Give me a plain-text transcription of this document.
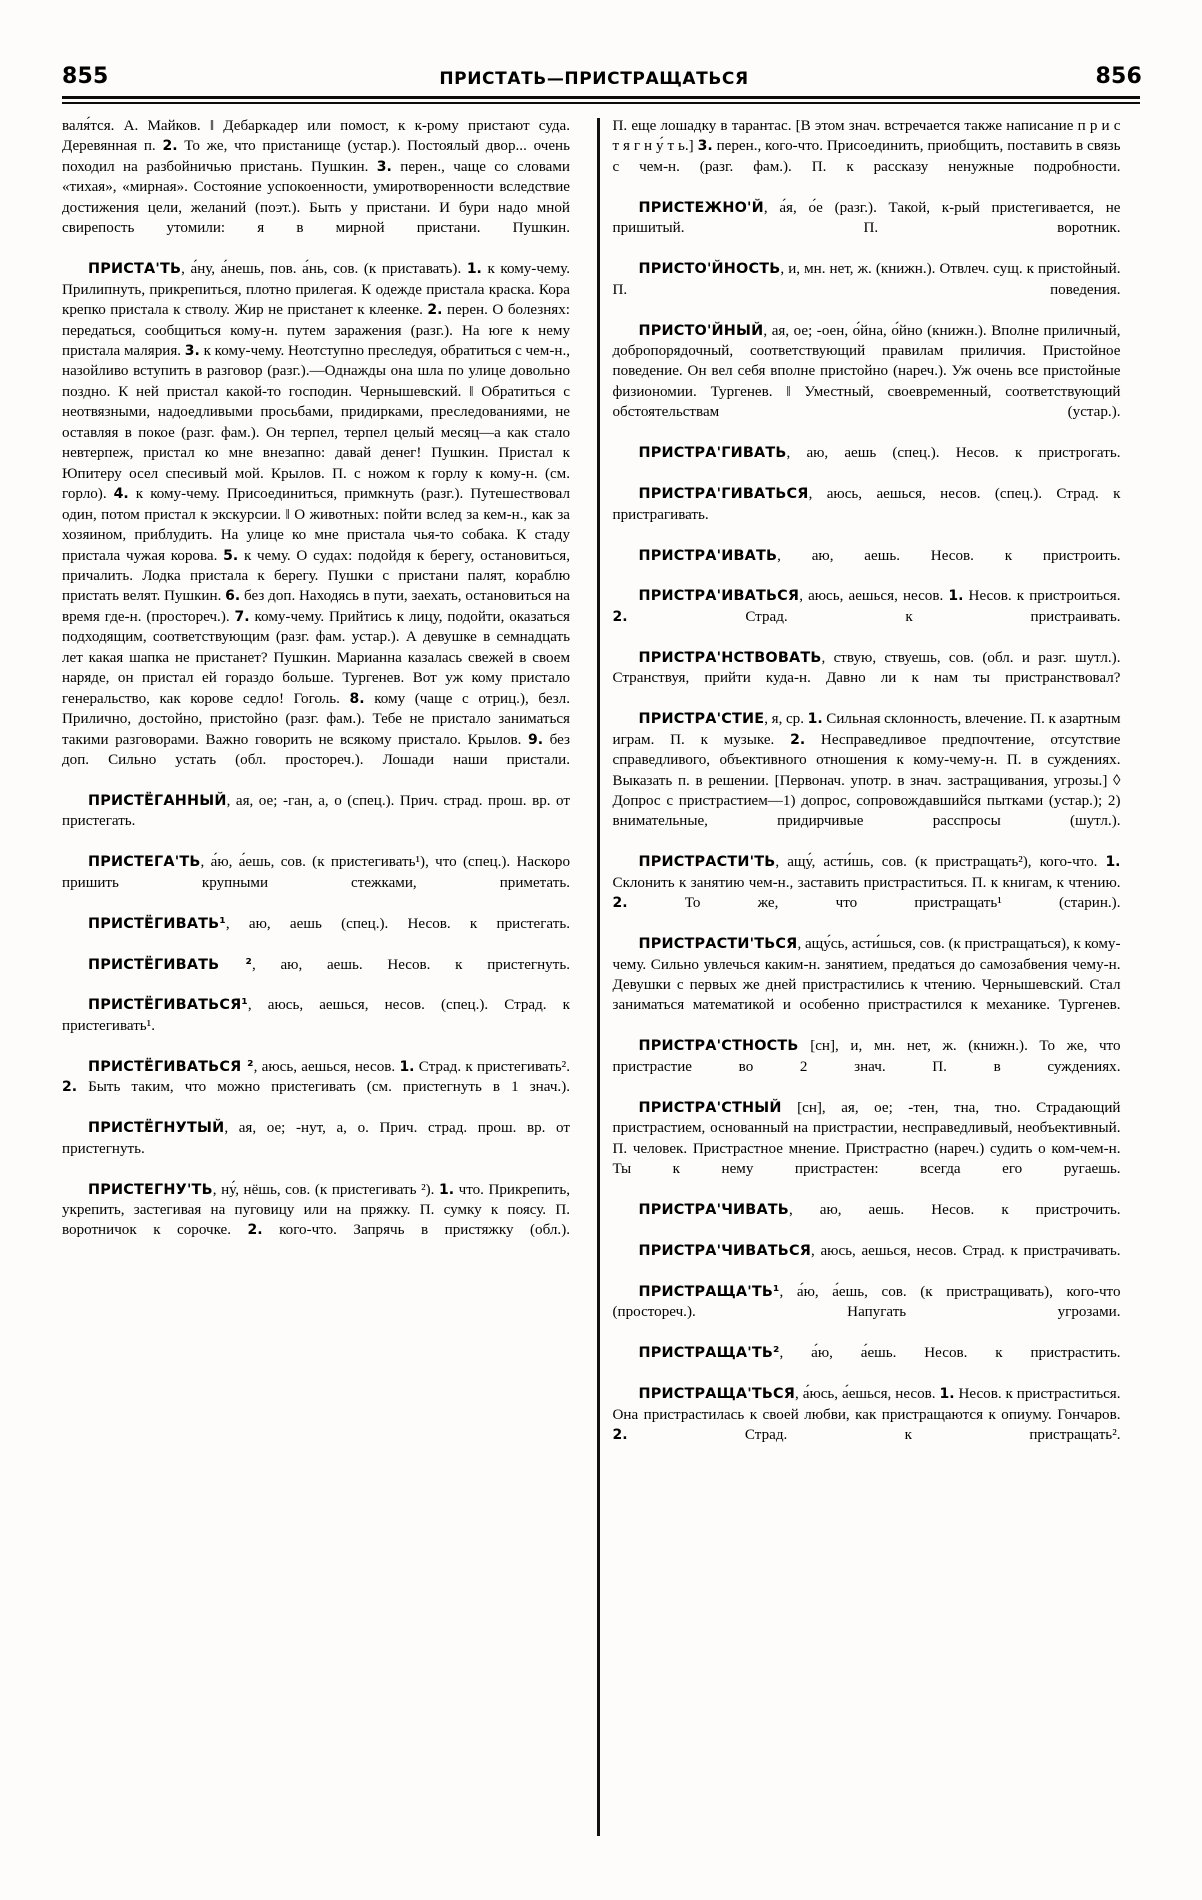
855	ПРИСТАТЬ—ПРИСТРАЩАТЬСЯ	856

валя́тся. А. Майков. ‖ Дебаркадер или помост, к к-рому пристают суда. Деревянная п. 2. То же, что пристанище (устар.). Постоялый двор... очень походил на разбойничью пристань. Пушкин. 3. перен., чаще со словами «тихая», «мирная». Состояние успокоенности, умиротворенности вследствие достижения цели, желаний (поэт.). Быть у пристани. И бури надо мной свирепость утомили: я в мирной пристани. Пушкин.

ПРИСТА'ТЬ, а́ну, а́нешь, пов. а́нь, сов. (к приставать). 1. к кому-чему. Прилипнуть, прикрепиться, плотно прилегая. К одежде пристала краска. Кора крепко пристала к стволу. Жир не пристанет к клеенке. 2. перен. О болезнях: передаться, сообщиться кому-н. путем заражения (разг.). На юге к нему пристала малярия. 3. к кому-чему. Неотступно преследуя, обратиться с чем-н., назойливо вступить в разговор (разг.).—Однажды она шла по улице довольно поздно. К ней пристал какой-то господин. Чернышевский. ‖ Обратиться с неотвязными, надоедливыми просьбами, придирками, преследованиями, не оставляя в покое (разг. фам.). Он терпел, терпел целый месяц—а как стало невтерпеж, пристал ко мне внезапно: давай денег! Пушкин. Пристал к Юпитеру осел спесивый мой. Крылов. П. с ножом к горлу к кому-н. (см. горло). 4. к кому-чему. Присоединиться, примкнуть (разг.). Путешествовал один, потом пристал к экскурсии. ‖ О животных: пойти вслед за кем-н., как за хозяином, приблудить. На улице ко мне пристала чья-то собака. К стаду пристала чужая корова. 5. к чему. О судах: подойдя к берегу, остановиться, причалить. Лодка пристала к берегу. Пушки с пристани палят, кораблю пристать велят. Пушкин. 6. без доп. Находясь в пути, заехать, остановиться на время где-н. (простореч.). 7. кому-чему. Прийтись к лицу, подойти, оказаться подходящим, соответствующим (разг. фам. устар.). А девушке в семнадцать лет какая шапка не пристанет? Пушкин. Марианна казалась свежей в своем наряде, он пристал ей гораздо больше. Тургенев. Вот уж кому пристало генеральство, как корове седло! Гоголь. 8. кому (чаще с отриц.), безл. Прилично, достойно, пристойно (разг. фам.). Тебе не пристало заниматься такими разговорами. Важно говорить не всякому пристало. Крылов. 9. без доп. Сильно устать (обл. простореч.). Лошади наши пристали.

ПРИСТЁГАННЫЙ, ая, ое; -ган, а, о (спец.). Прич. страд. прош. вр. от пристегать.

ПРИСТЕГА'ТЬ, а́ю, а́ешь, сов. (к пристегивать¹), что (спец.). Наскоро пришить крупными стежками, приметать.

ПРИСТЁГИВАТЬ¹, аю, аешь (спец.). Несов. к пристегать.

ПРИСТЁГИВАТЬ ², аю, аешь. Несов. к пристегнуть.

ПРИСТЁГИВАТЬСЯ¹, аюсь, аешься, несов. (спец.). Страд. к пристегивать¹.

ПРИСТЁГИВАТЬСЯ ², аюсь, аешься, несов. 1. Страд. к пристегивать². 2. Быть таким, что можно пристегивать (см. пристегнуть в 1 знач.).

ПРИСТЁГНУТЫЙ, ая, ое; -нут, а, о. Прич. страд. прош. вр. от пристегнуть.

ПРИСТЕГНУ'ТЬ, ну́, нёшь, сов. (к пристегивать ²). 1. что. Прикрепить, укрепить, застегивая на пуговицу или на пряжку. П. сумку к поясу. П. воротничок к сорочке. 2. кого-что. Запрячь в пристяжку (обл.).

П. еще лошадку в тарантас. [В этом знач. встречается также написание п р и с т я г н у́ т ь.] 3. перен., кого-что. Присоединить, приобщить, поставить в связь с чем-н. (разг. фам.). П. к рассказу ненужные подробности.

ПРИСТЕЖНО'Й, а́я, о́е (разг.). Такой, к-рый пристегивается, не пришитый. П. воротник.

ПРИСТО'ЙНОСТЬ, и, мн. нет, ж. (книжн.). Отвлеч. сущ. к пристойный. П. поведения.

ПРИСТО'ЙНЫЙ, ая, ое; -оен, о́йна, о́йно (книжн.). Вполне приличный, добропорядочный, соответствующий правилам приличия. Пристойное поведение. Он вел себя вполне пристойно (нареч.). Уж очень все пристойные физиономии. Тургенев. ‖ Уместный, своевременный, соответствующий обстоятельствам (устар.).

ПРИСТРА'ГИВАТЬ, аю, аешь (спец.). Несов. к пристрогать.

ПРИСТРА'ГИВАТЬСЯ, аюсь, аешься, несов. (спец.). Страд. к пристрагивать.

ПРИСТРА'ИВАТЬ, аю, аешь. Несов. к пристроить.

ПРИСТРА'ИВАТЬСЯ, аюсь, аешься, несов. 1. Несов. к пристроиться. 2. Страд. к пристраивать.

ПРИСТРА'НСТВОВАТЬ, ствую, ствуешь, сов. (обл. и разг. шутл.). Странствуя, прийти куда-н. Давно ли к нам ты пристранствовал?

ПРИСТРА'СТИЕ, я, ср. 1. Сильная склонность, влечение. П. к азартным играм. П. к музыке. 2. Несправедливое предпочтение, отсутствие справедливого, объективного отношения к кому-чему-н. П. в суждениях. Выказать п. в решении. [Первонач. употр. в знач. застращивания, угрозы.] ◊ Допрос с пристрастием—1) допрос, сопровождавшийся пытками (устар.); 2) внимательные, придирчивые расспросы (шутл.).

ПРИСТРАСТИ'ТЬ, ащу́, асти́шь, сов. (к пристращать²), кого-что. 1. Склонить к занятию чем-н., заставить пристраститься. П. к книгам, к чтению. 2. То же, что пристращать¹ (старин.).

ПРИСТРАСТИ'ТЬСЯ, ащу́сь, асти́шься, сов. (к пристращаться), к кому-чему. Сильно увлечься каким-н. занятием, предаться до самозабвения чему-н. Девушки с первых же дней пристрастились к чтению. Чернышевский. Стал заниматься математикой и особенно пристрастился к механике. Тургенев.

ПРИСТРА'СТНОСТЬ [сн], и, мн. нет, ж. (книжн.). То же, что пристрастие во 2 знач. П. в суждениях.

ПРИСТРА'СТНЫЙ [сн], ая, ое; -тен, тна, тно. Страдающий пристрастием, основанный на пристрастии, несправедливый, необъективный. П. человек. Пристрастное мнение. Пристрастно (нареч.) судить о ком-чем-н. Ты к нему пристрастен: всегда его ругаешь.

ПРИСТРА'ЧИВАТЬ, аю, аешь. Несов. к пристрочить.

ПРИСТРА'ЧИВАТЬСЯ, аюсь, аешься, несов. Страд. к пристрачивать.

ПРИСТРАЩА'ТЬ¹, а́ю, а́ешь, сов. (к пристращивать), кого-что (простореч.). Напугать угрозами.

ПРИСТРАЩА'ТЬ², а́ю, а́ешь. Несов. к пристрастить.

ПРИСТРАЩА'ТЬСЯ, а́юсь, а́ешься, несов. 1. Несов. к пристраститься. Она пристрастилась к своей любви, как пристращаются к опиуму. Гончаров. 2. Страд. к пристращать².
